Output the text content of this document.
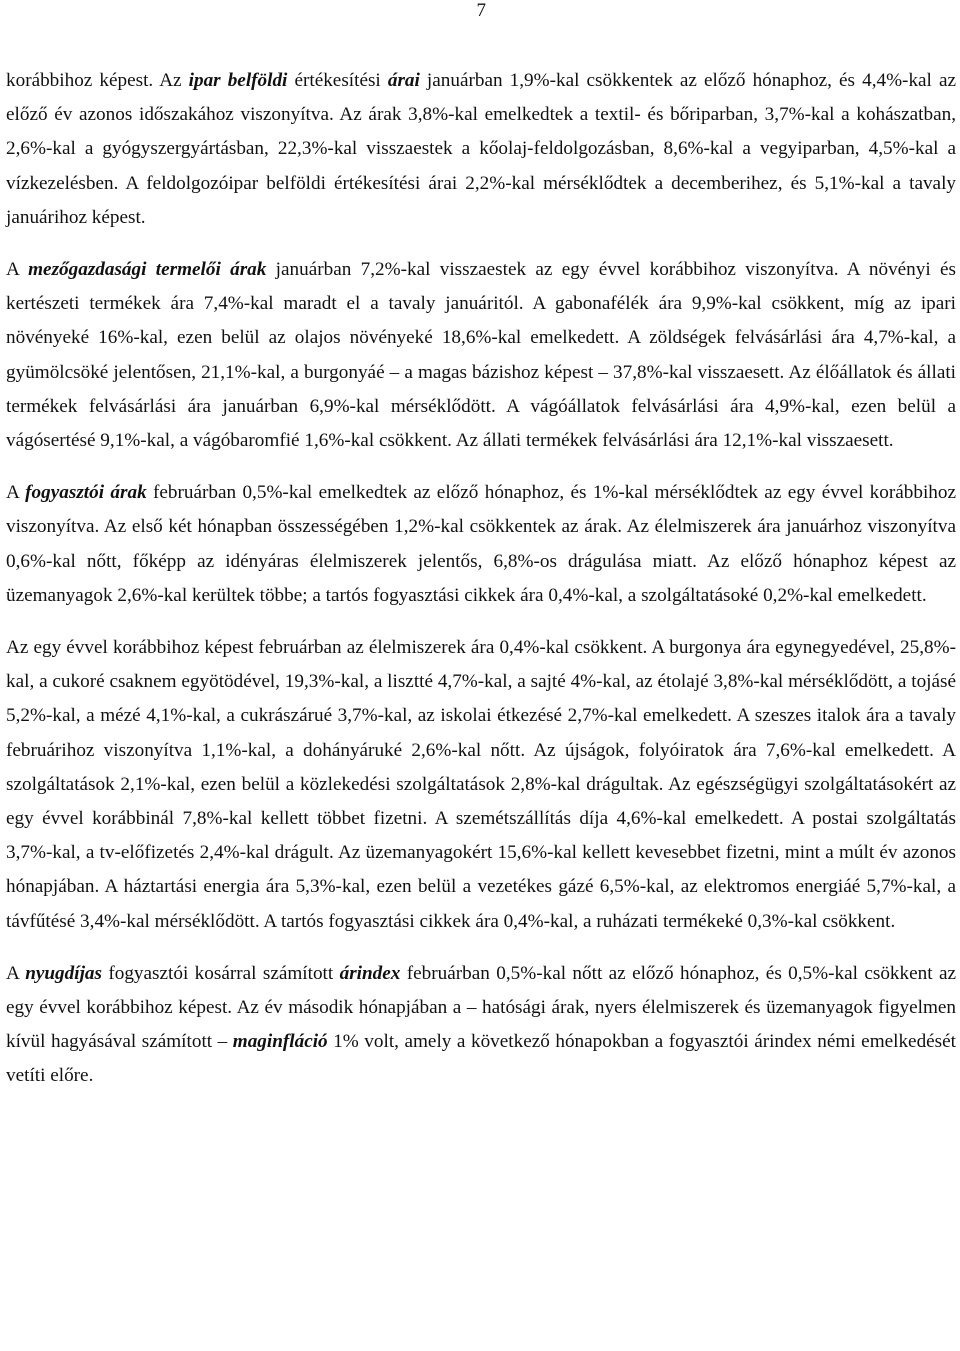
7

korábbihoz képest. Az ipar belföldi értékesítési árai januárban 1,9%-kal csökkentek az előző hónaphoz, és 4,4%-kal az előző év azonos időszakához viszonyítva. Az árak 3,8%-kal emelkedtek a textil- és bőriparban, 3,7%-kal a kohászatban, 2,6%-kal a gyógyszergyártásban, 22,3%-kal visszaestek a kőolaj-feldolgozásban, 8,6%-kal a vegyiparban, 4,5%-kal a vízkezelésben. A feldolgozóipar belföldi értékesítési árai 2,2%-kal mérséklődtek a decemberihez, és 5,1%-kal a tavaly januárihoz képest.

A mezőgazdasági termelői árak januárban 7,2%-kal visszaestek az egy évvel korábbihoz viszonyítva. A növényi és kertészeti termékek ára 7,4%-kal maradt el a tavaly januáritól. A gabonafélék ára 9,9%-kal csökkent, míg az ipari növényeké 16%-kal, ezen belül az olajos növényeké 18,6%-kal emelkedett. A zöldségek felvásárlási ára 4,7%-kal, a gyümölcsöké jelentősen, 21,1%-kal, a burgonyáé – a magas bázishoz képest – 37,8%-kal visszaesett. Az élőállatok és állati termékek felvásárlási ára januárban 6,9%-kal mérséklődött. A vágóállatok felvásárlási ára 4,9%-kal, ezen belül a vágósertésé 9,1%-kal, a vágóbaromfié 1,6%-kal csökkent. Az állati termékek felvásárlási ára 12,1%-kal visszaesett.

A fogyasztói árak februárban 0,5%-kal emelkedtek az előző hónaphoz, és 1%-kal mérséklődtek az egy évvel korábbihoz viszonyítva. Az első két hónapban összességében 1,2%-kal csökkentek az árak. Az élelmiszerek ára januárhoz viszonyítva 0,6%-kal nőtt, főképp az idényáras élelmiszerek jelentős, 6,8%-os drágulása miatt. Az előző hónaphoz képest az üzemanyagok 2,6%-kal kerültek többe; a tartós fogyasztási cikkek ára 0,4%-kal, a szolgáltatásoké 0,2%-kal emelkedett.

Az egy évvel korábbihoz képest februárban az élelmiszerek ára 0,4%-kal csökkent. A burgonya ára egynegyedével, 25,8%-kal, a cukoré csaknem egyötödével, 19,3%-kal, a lisztté 4,7%-kal, a sajté 4%-kal, az étolajé 3,8%-kal mérséklődött, a tojásé 5,2%-kal, a mézé 4,1%-kal, a cukrászárué 3,7%-kal, az iskolai étkezésé 2,7%-kal emelkedett. A szeszes italok ára a tavaly februárihoz viszonyítva 1,1%-kal, a dohányáruké 2,6%-kal nőtt. Az újságok, folyóiratok ára 7,6%-kal emelkedett. A szolgáltatások 2,1%-kal, ezen belül a közlekedési szolgáltatások 2,8%-kal drágultak. Az egészségügyi szolgáltatásokért az egy évvel korábbinál 7,8%-kal kellett többet fizetni. A szemétszállítás díja 4,6%-kal emelkedett. A postai szolgáltatás 3,7%-kal, a tv-előfizetés 2,4%-kal drágult. Az üzemanyagokért 15,6%-kal kellett kevesebbet fizetni, mint a múlt év azonos hónapjában. A háztartási energia ára 5,3%-kal, ezen belül a vezetékes gázé 6,5%-kal, az elektromos energiáé 5,7%-kal, a távfűtésé 3,4%-kal mérséklődött. A tartós fogyasztási cikkek ára 0,4%-kal, a ruházati termékeké 0,3%-kal csökkent.

A nyugdíjas fogyasztói kosárral számított árindex februárban 0,5%-kal nőtt az előző hónaphoz, és 0,5%-kal csökkent az egy évvel korábbihoz képest. Az év második hónapjában a – hatósági árak, nyers élelmiszerek és üzemanyagok figyelmen kívül hagyásával számított – maginfláció 1% volt, amely a következő hónapokban a fogyasztói árindex némi emelkedését vetíti előre.
